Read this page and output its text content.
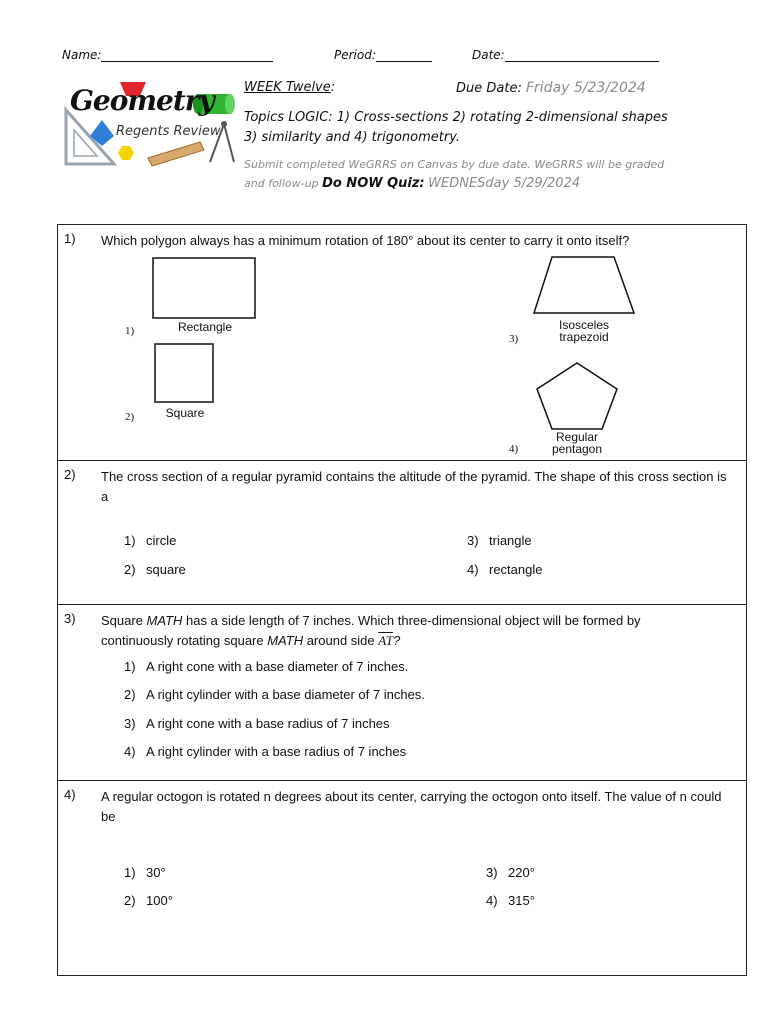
Name:	Period:	Date:
Geometry
Regents Review
WEEK Twelve:	Due Date: Friday 5/23/2024
Topics LOGIC: 1) Cross-sections 2) rotating 2-dimensional shapes
3) similarity and 4) trigonometry.
Submit completed WeGRRS on Canvas by due date. WeGRRS will be graded
and follow-up Do NOW Quiz: WEDNESday 5/29/2024
1) Which polygon always has a minimum rotation of 180° about its center to carry it onto itself?
1)	Rectangle
2)	Square
3)
Isosceles
trapezoid
4)
Regular
pentagon
2) The cross section of a regular pyramid contains the altitude of the pyramid. The shape of this cross section is a
1) circle
2) square
3) triangle
4) rectangle
3) Square MATH has a side length of 7 inches. Which three-dimensional object will be formed by
continuously rotating square MATH around side $\overline{AT}$?
1) A right cone with a base diameter of 7 inches.
2) A right cylinder with a base diameter of 7 inches.
3) A right cone with a base radius of 7 inches
4) A right cylinder with a base radius of 7 inches
4) A regular octogon is rotated n degrees about its center, carrying the octogon onto itself. The value of n could be
1) 30°
2) 100°
3) 220°
4) 315°
